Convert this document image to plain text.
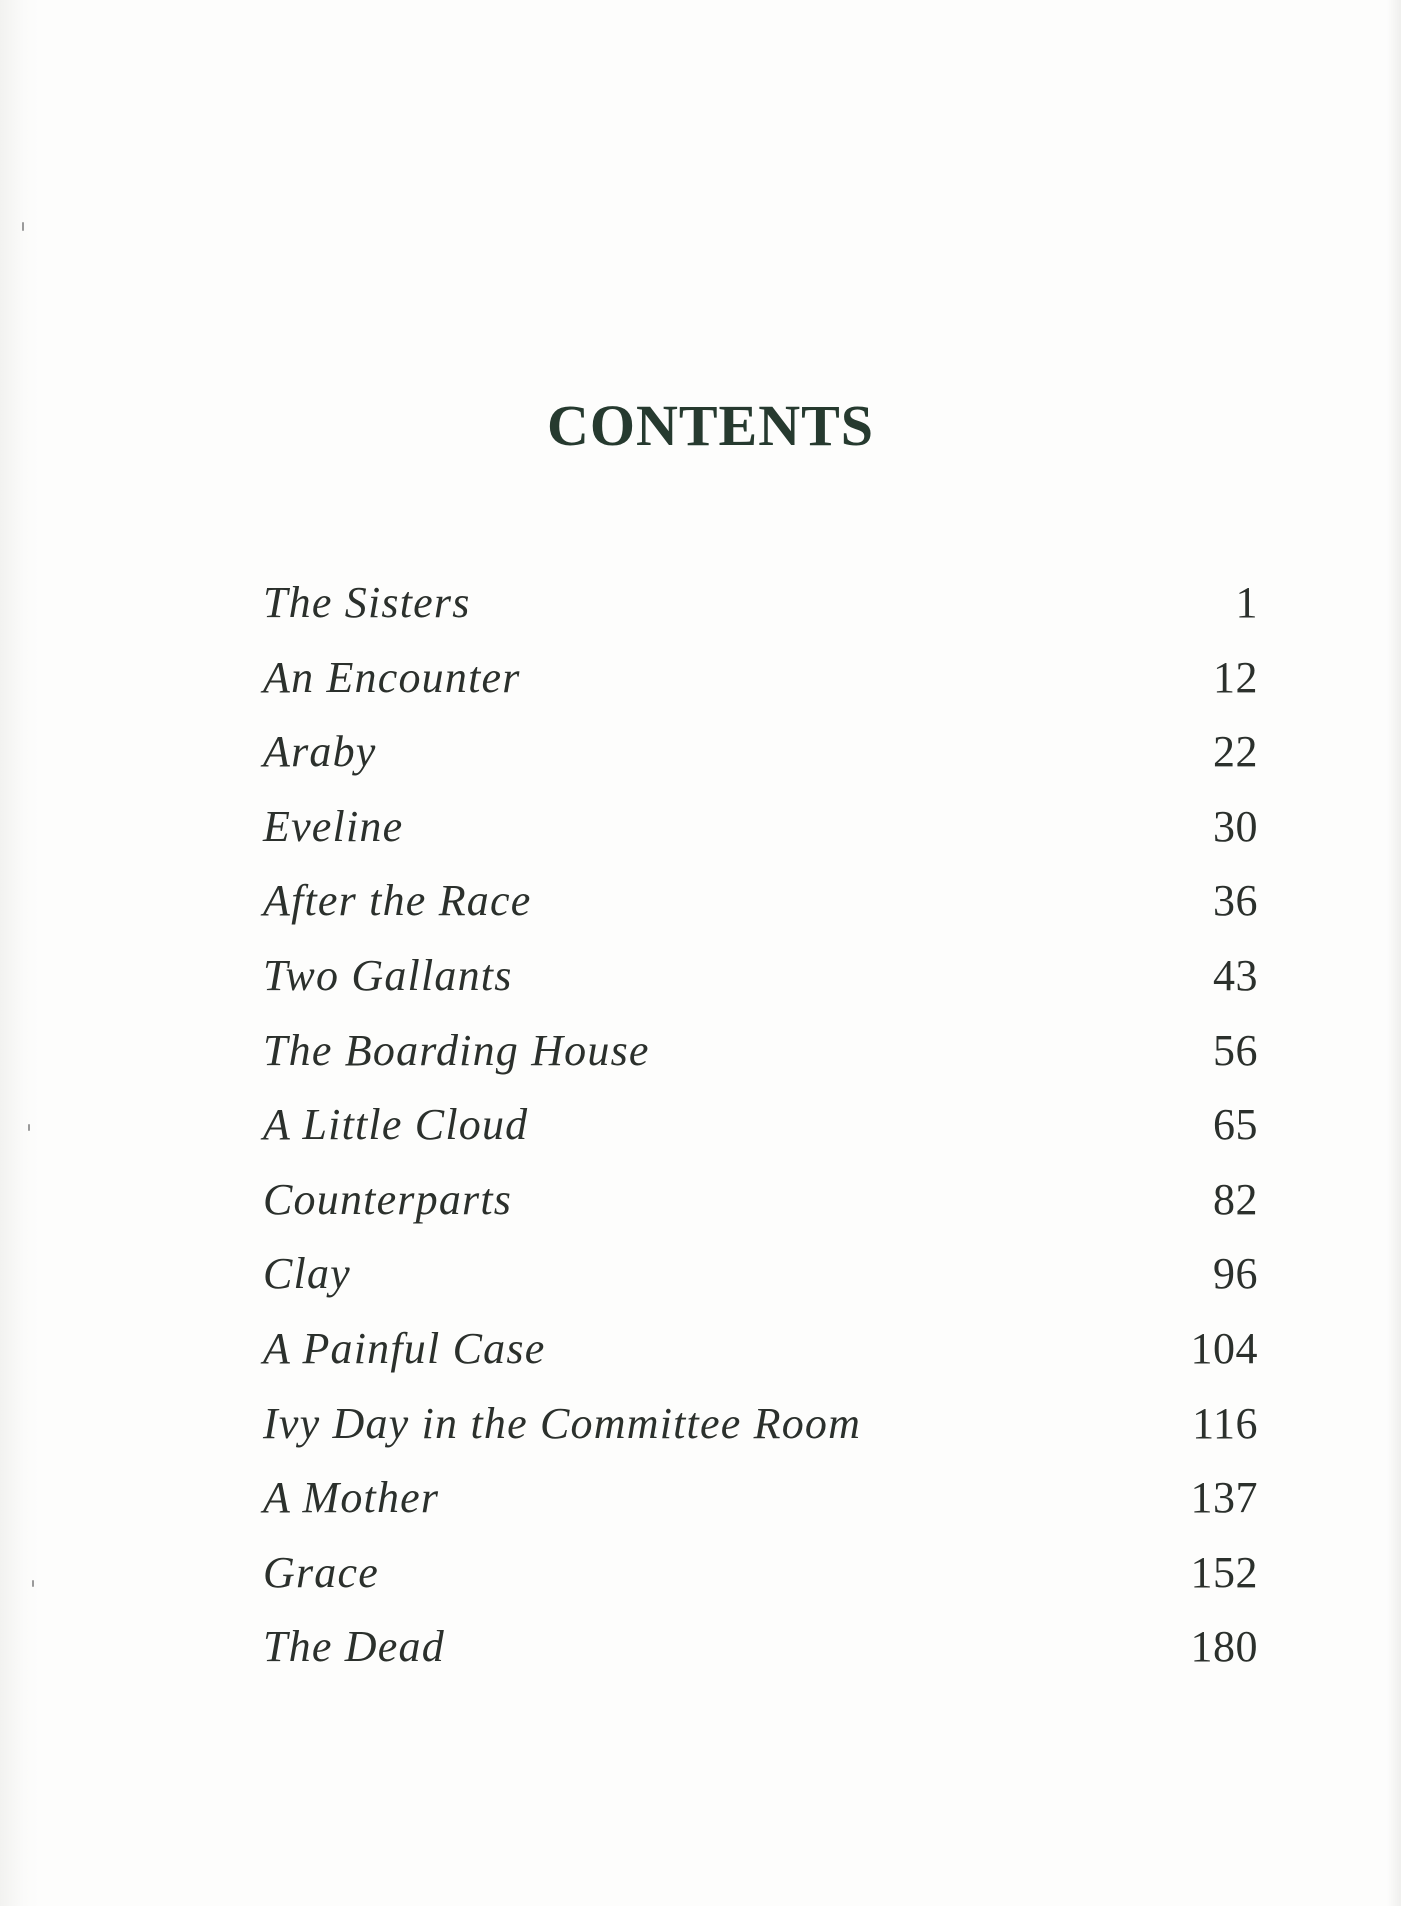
CONTENTS
The Sisters	1
An Encounter	12
Araby	22
Eveline	30
After the Race	36
Two Gallants	43
The Boarding House	56
A Little Cloud	65
Counterparts	82
Clay	96
A Painful Case	104
Ivy Day in the Committee Room	116
A Mother	137
Grace	152
The Dead	180
